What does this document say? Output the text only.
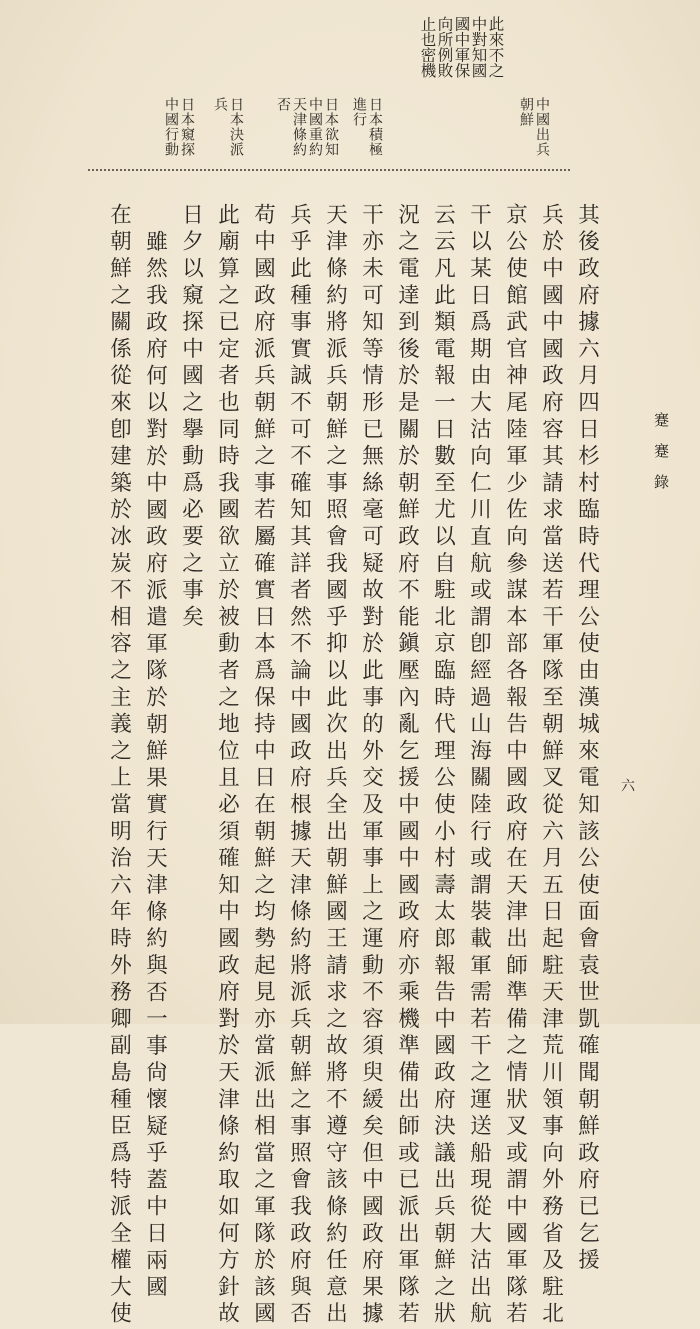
蹇蹇錄
六
此來不之
中對知國
國中軍保
向所例敗
止也密機
中國出兵
朝鮮
日本積極
進行
日本欲知
中國重約
天津條約
否
日本決派
兵
日本窺探
中國行動
其後政府據六月四日杉村臨時代理公使由漢城來電知該公使面會袁世凱確聞朝鮮政府已乞援
兵於中國中國政府容其請求當送若干軍隊至朝鮮叉從六月五日起駐天津荒川領事向外務省及駐北
京公使館武官神尾陸軍少佐向參謀本部各報告中國政府在天津出師準備之情狀叉或謂中國軍隊若
干以某日爲期由大沽向仁川直航或謂卽經過山海關陸行或謂裝載軍需若干之運送船現從大沽出航
云云凡此類電報一日數至尤以自駐北京臨時代理公使小村壽太郎報告中國政府決議出兵朝鮮之狀
況之電達到後於是關於朝鮮政府不能鎭壓內亂乞援中國中國政府亦乘機準備出師或已派出軍隊若
干亦未可知等情形已無絲毫可疑故對於此事的外交及軍事上之運動不容須臾緩矣但中國政府果據
天津條約將派兵朝鮮之事照會我國乎抑以此次出兵全出朝鮮國王請求之故將不遵守該條約任意出
兵乎此種事實誠不可不確知其詳者然不論中國政府根據天津條約將派兵朝鮮之事照會我政府與否
苟中國政府派兵朝鮮之事若屬確實日本爲保持中日在朝鮮之均勢起見亦當派出相當之軍隊於該國
此廟算之已定者也同時我國欲立於被動者之地位且必須確知中國政府對於天津條約取如何方針故
日夕以窺探中國之擧動爲必要之事矣
雖然我政府何以對於中國政府派遣軍隊於朝鮮果實行天津條約與否一事尙懷疑乎蓋中日兩國
在朝鮮之關係從來卽建築於冰炭不相容之主義之上當明治六年時外務卿副島種臣爲特派全權大使
